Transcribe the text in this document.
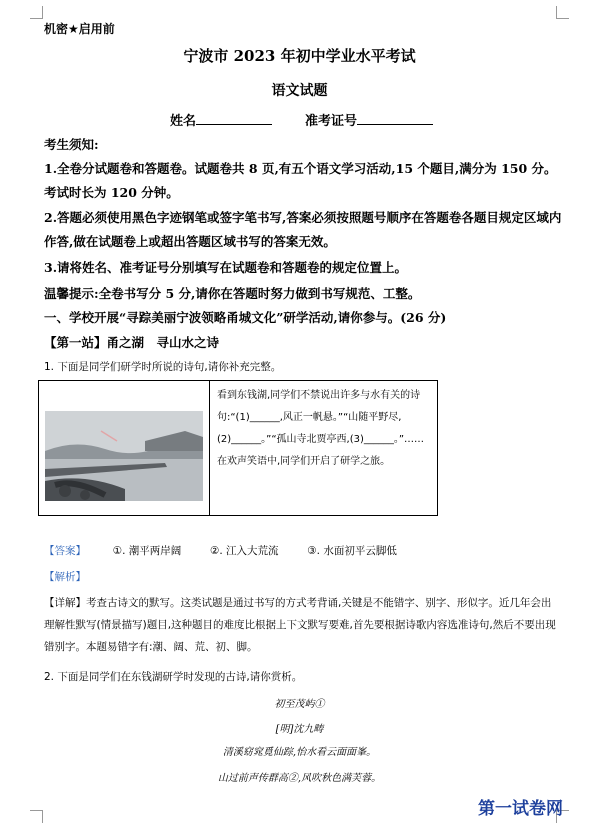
机密★启用前
宁波市 2023 年初中学业水平考试
语文试题
姓名	准考证号
考生须知:
1.全卷分试题卷和答题卷。试题卷共 8 页,有五个语文学习活动,15 个题目,满分为 150 分。考试时长为 120 分钟。
2.答题必须使用黑色字迹钢笔或签字笔书写,答案必须按照题号顺序在答题卷各题目规定区域内作答,做在试题卷上或超出答题区域书写的答案无效。
3.请将姓名、准考证号分别填写在试题卷和答题卷的规定位置上。
温馨提示:全卷书写分 5 分,请你在答题时努力做到书写规范、工整。
一、学校开展“寻踪美丽宁波领略甬城文化”研学活动,请你参与。(26 分)
【第一站】甬之湖　寻山水之诗
1. 下面是同学们研学时所说的诗句,请你补充完整。
看到东钱湖,同学们不禁说出许多与水有关的诗句:“(1)______,风正一帆悬。”“山随平野尽,(2)______。”“孤山寺北贾亭西,(3)______。”……在欢声笑语中,同学们开启了研学之旅。
【答案】	①. 潮平两岸阔	②. 江入大荒流	③. 水面初平云脚低
【解析】
【详解】考查古诗文的默写。这类试题是通过书写的方式考背诵,关键是不能错字、别字、形似字。近几年会出理解性默写(情景描写)题目,这种题目的难度比根据上下文默写要难,首先要根据诗歌内容选准诗句,然后不要出现错别字。本题易错字有:潮、阔、荒、初、脚。
2. 下面是同学们在东钱湖研学时发现的古诗,请你赏析。
初至茂屿①
[明]沈九畴
清溪窈窕覓仙踪,怡水看云面面峯。
山过前声传群高②,风吹秋色满芙蓉。
第一试卷网
